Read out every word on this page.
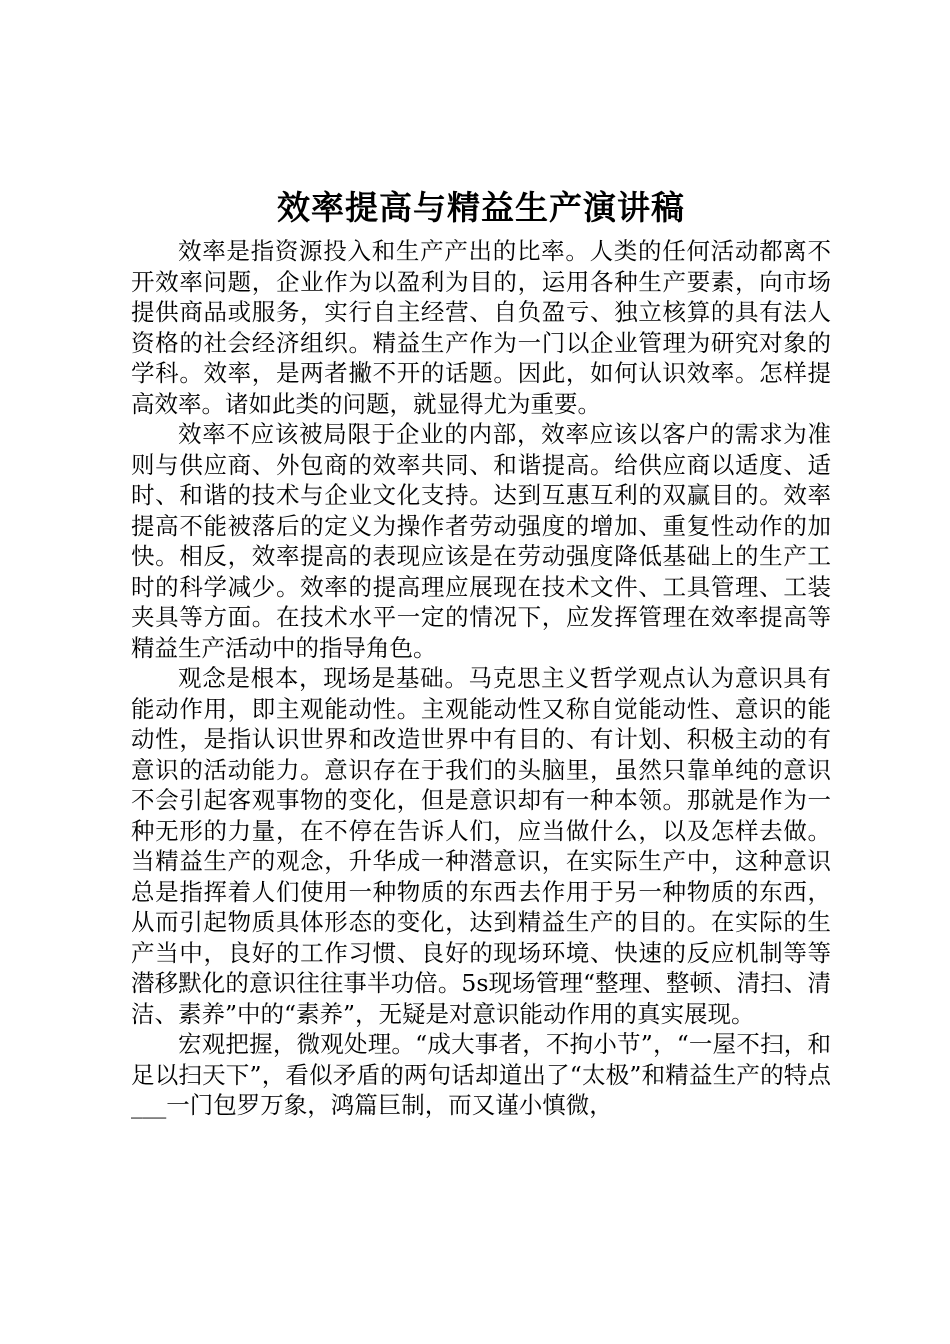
效率提高与精益生产演讲稿

效率是指资源投入和生产产出的比率。人类的任何活动都离不开效率问题，企业作为以盈利为目的，运用各种生产要素，向市场提供商品或服务，实行自主经营、自负盈亏、独立核算的具有法人资格的社会经济组织。精益生产作为一门以企业管理为研究对象的学科。效率，是两者撇不开的话题。因此，如何认识效率。怎样提高效率。诸如此类的问题，就显得尤为重要。

效率不应该被局限于企业的内部，效率应该以客户的需求为准则与供应商、外包商的效率共同、和谐提高。给供应商以适度、适时、和谐的技术与企业文化支持。达到互惠互利的双赢目的。效率提高不能被落后的定义为操作者劳动强度的增加、重复性动作的加快。相反，效率提高的表现应该是在劳动强度降低基础上的生产工时的科学减少。效率的提高理应展现在技术文件、工具管理、工装夹具等方面。在技术水平一定的情况下，应发挥管理在效率提高等精益生产活动中的指导角色。

观念是根本，现场是基础。马克思主义哲学观点认为意识具有能动作用，即主观能动性。主观能动性又称自觉能动性、意识的能动性，是指认识世界和改造世界中有目的、有计划、积极主动的有意识的活动能力。意识存在于我们的头脑里，虽然只靠单纯的意识不会引起客观事物的变化，但是意识却有一种本领。那就是作为一种无形的力量，在不停在告诉人们，应当做什么，以及怎样去做。当精益生产的观念，升华成一种潜意识，在实际生产中，这种意识总是指挥着人们使用一种物质的东西去作用于另一种物质的东西，从而引起物质具体形态的变化，达到精益生产的目的。在实际的生产当中，良好的工作习惯、良好的现场环境、快速的反应机制等等潜移默化的意识往往事半功倍。5s现场管理“整理、整顿、清扫、清洁、素养”中的“素养”，无疑是对意识能动作用的真实展现。

宏观把握，微观处理。“成大事者，不拘小节”，“一屋不扫，和足以扫天下”，看似矛盾的两句话却道出了“太极”和精益生产的特点___一门包罗万象，鸿篇巨制，而又谨小慎微，
